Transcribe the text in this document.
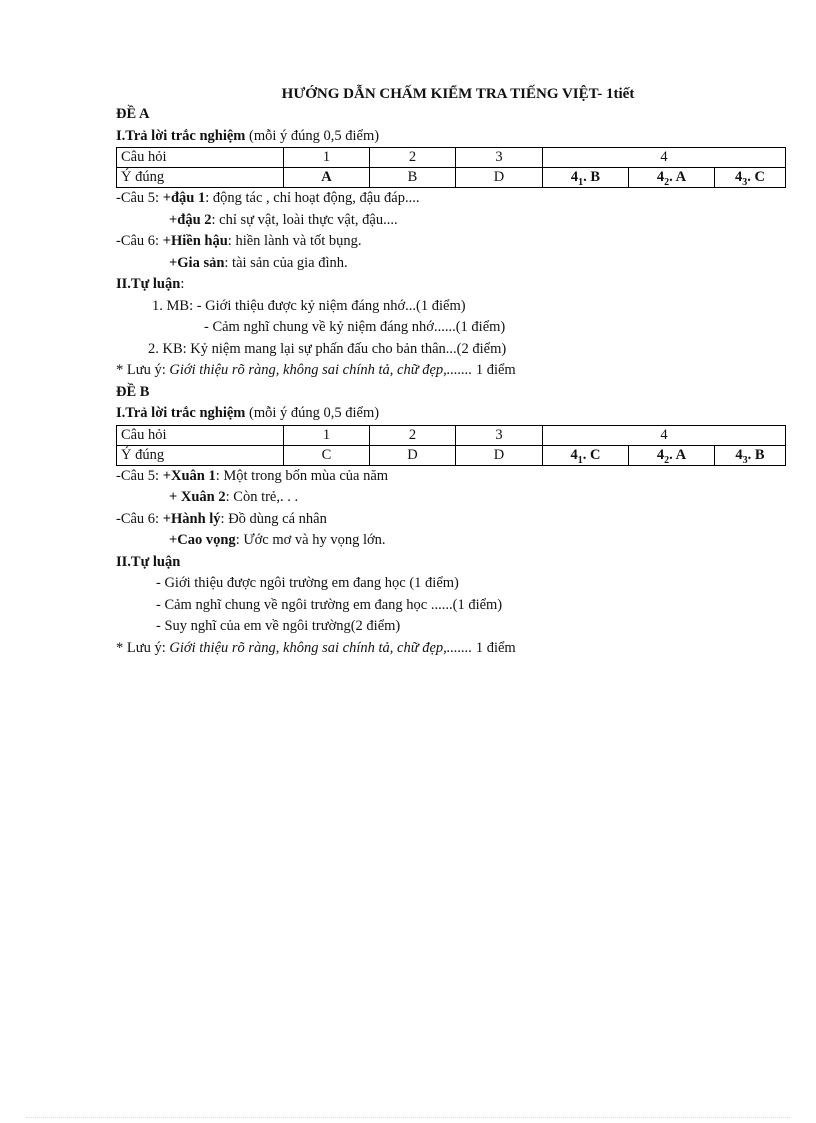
HƯỚNG DẪN CHẤM KIỂM TRA TIẾNG VIỆT- 1tiết
ĐỀ A
I.Trả lời trắc nghiệm (mỗi ý đúng 0,5 điểm)
Câu hỏi	1	2	3	4		
Ý đúng	A	B	D	$4_1$. B	$4_2$. A	$4_3$. C
-Câu 5: +đậu 1: động tác , chỉ hoạt động, đậu đáp....
+đậu 2: chỉ sự vật, loài thực vật, đậu....
-Câu 6: +Hiền hậu: hiền lành và tốt bụng.
+Gia sản: tài sản của gia đình.
II.Tự luận:
1. MB: - Giới thiệu được kỷ niệm đáng nhớ...(1 điểm)
- Cảm nghĩ chung về kỷ niệm đáng nhớ......(1 điểm)
2. KB: Kỷ niệm mang lại sự phấn đấu cho bản thân...(2 điểm)
* Lưu ý: Giới thiệu rõ ràng, không sai chính tả, chữ đẹp,....... 1 điểm
ĐỀ B
I.Trả lời trắc nghiệm (mỗi ý đúng 0,5 điểm)
Câu hỏi	1	2	3	4		
Ý đúng	C	D	D	$4_1$. C	$4_2$. A	$4_3$. B
-Câu 5: +Xuân 1: Một trong bốn mùa của năm
+ Xuân 2: Còn trẻ,. . .
-Câu 6: +Hành lý: Đồ dùng cá nhân
+Cao vọng: Ước mơ và hy vọng lớn.
II.Tự luận
- Giới thiệu được ngôi trường em đang học (1 điểm)
- Cảm nghĩ chung về ngôi trường em đang học ......(1 điểm)
- Suy nghĩ của em về ngôi trường(2 điểm)
* Lưu ý: Giới thiệu rõ ràng, không sai chính tả, chữ đẹp,....... 1 điểm
